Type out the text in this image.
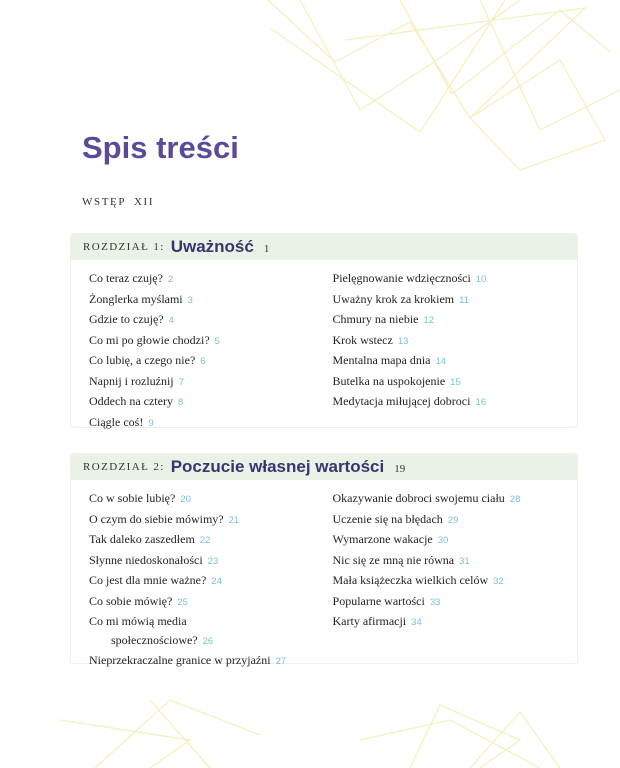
Spis treści
WSTĘP XII
ROZDZIAŁ 1: Uważność 1
Co teraz czuję? 2
Żonglerka myślami 3
Gdzie to czuję? 4
Co mi po głowie chodzi? 5
Co lubię, a czego nie? 6
Napnij i rozluźnij 7
Oddech na cztery 8
Ciągle coś! 9
Pielęgnowanie wdzięczności 10
Uważny krok za krokiem 11
Chmury na niebie 12
Krok wstecz 13
Mentalna mapa dnia 14
Butelka na uspokojenie 15
Medytacja miłującej dobroci 16
ROZDZIAŁ 2: Poczucie własnej wartości 19
Co w sobie lubię? 20
O czym do siebie mówimy? 21
Tak daleko zaszedłem 22
Słynne niedoskonałości 23
Co jest dla mnie ważne? 24
Co sobie mówię? 25
Co mi mówią media
społecznościowe? 26
Okazywanie dobroci swojemu ciału 28
Uczenie się na błędach 29
Wymarzone wakacje 30
Nic się ze mną nie równa 31
Mała książeczka wielkich celów 32
Popularne wartości 33
Karty afirmacji 34
Nieprzekraczalne granice w przyjaźni 27
